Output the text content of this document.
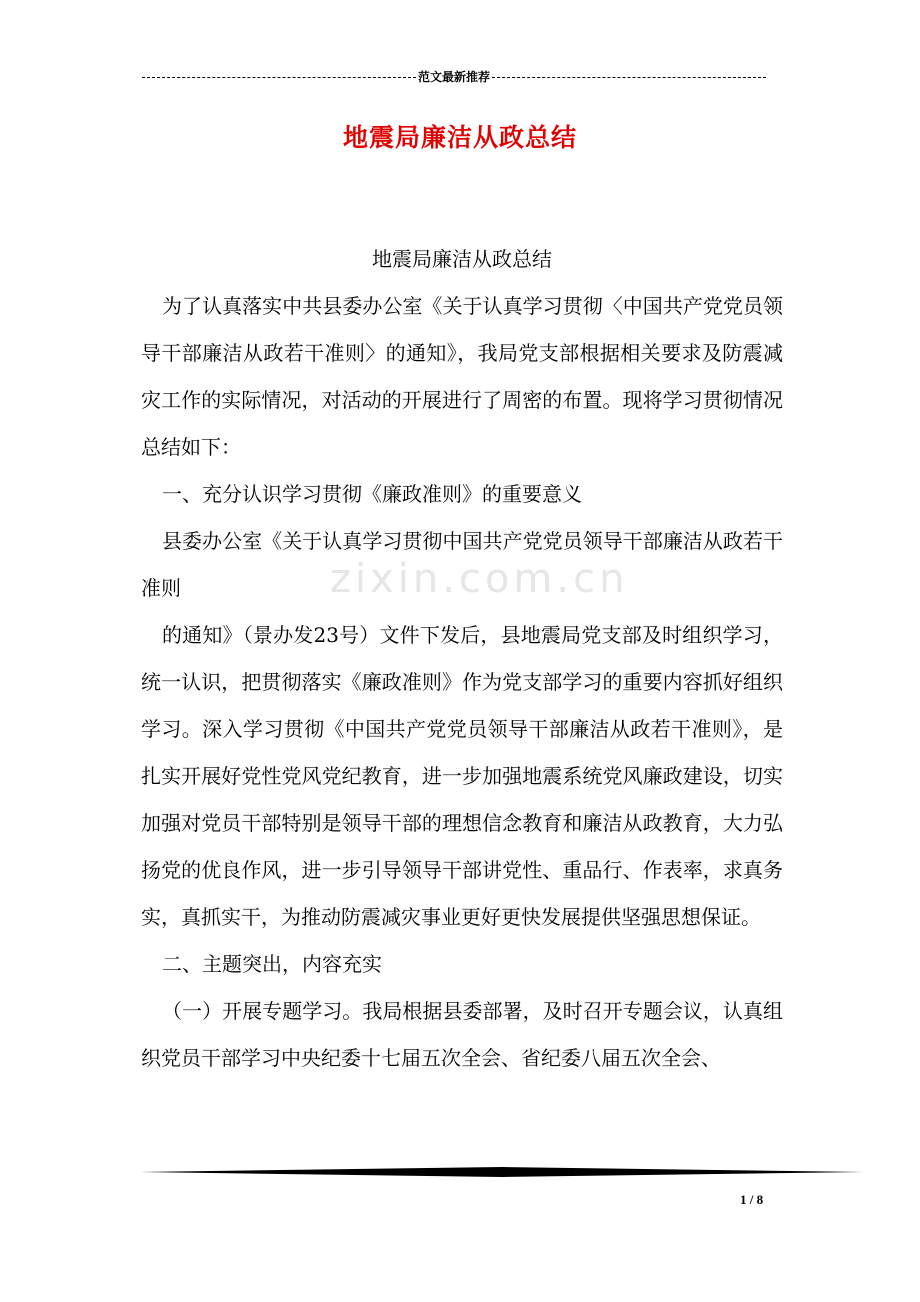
范文最新推荐
地震局廉洁从政总结
zixin.com.cn

地震局廉洁从政总结

为了认真落实中共县委办公室《关于认真学习贯彻〈中国共产党党员领导干部廉洁从政若干准则〉的通知》，我局党支部根据相关要求及防震减灾工作的实际情况，对活动的开展进行了周密的布置。现将学习贯彻情况总结如下：

一、充分认识学习贯彻《廉政准则》的重要意义

县委办公室《关于认真学习贯彻中国共产党党员领导干部廉洁从政若干准则

的通知》（景办发23号）文件下发后，县地震局党支部及时组织学习，统一认识，把贯彻落实《廉政准则》作为党支部学习的重要内容抓好组织学习。深入学习贯彻《中国共产党党员领导干部廉洁从政若干准则》，是扎实开展好党性党风党纪教育，进一步加强地震系统党风廉政建设，切实加强对党员干部特别是领导干部的理想信念教育和廉洁从政教育，大力弘扬党的优良作风，进一步引导领导干部讲党性、重品行、作表率，求真务实，真抓实干，为推动防震减灾事业更好更快发展提供坚强思想保证。

二、主题突出，内容充实

（一）开展专题学习。我局根据县委部署，及时召开专题会议，认真组织党员干部学习中央纪委十七届五次全会、省纪委八届五次全会、

1 / 8
